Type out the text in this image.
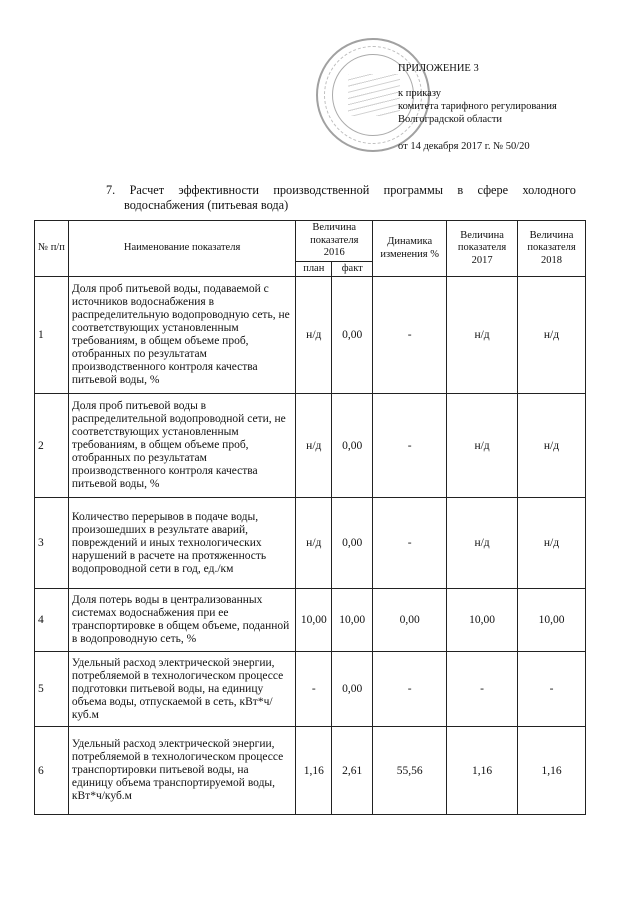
ПРИЛОЖЕНИЕ 3
к приказу
комитета тарифного регулирования
Волгоградской области
от 14 декабря 2017 г. № 50/20
7. Расчет эффективности производственной программы в сфере холодного
водоснабжения (питьевая вода)
№ п/п	Наименование показателя	Величина показателя 2016		Динамика изменения %	Величина показателя 2017	Величина показателя 2018
		план	факт			
1	Доля проб питьевой воды, подаваемой с источников водоснабжения в распределительную водопроводную сеть, не соответствующих установленным требованиям, в общем объеме проб, отобранных по результатам производственного контроля качества питьевой воды, %	н/д	0,00	-	н/д	н/д
2	Доля проб питьевой воды в распределительной водопроводной сети, не соответствующих установленным требованиям, в общем объеме проб, отобранных по результатам производственного контроля качества питьевой воды, %	н/д	0,00	-	н/д	н/д
3	Количество перерывов в подаче воды, произошедших в результате аварий, повреждений и иных технологических нарушений в расчете на протяженность водопроводной сети в год, ед./км	н/д	0,00	-	н/д	н/д
4	Доля потерь воды в централизованных системах водоснабжения при ее транспортировке в общем объеме, поданной в водопроводную сеть, %	10,00	10,00	0,00	10,00	10,00
5	Удельный расход электрической энергии, потребляемой в технологическом процессе подготовки питьевой воды, на единицу объема воды, отпускаемой в сеть, кВт*ч/куб.м	-	0,00	-	-	-
6	Удельный расход электрической энергии, потребляемой в технологическом процессе транспортировки питьевой воды, на единицу объема транспортируемой воды, кВт*ч/куб.м	1,16	2,61	55,56	1,16	1,16
